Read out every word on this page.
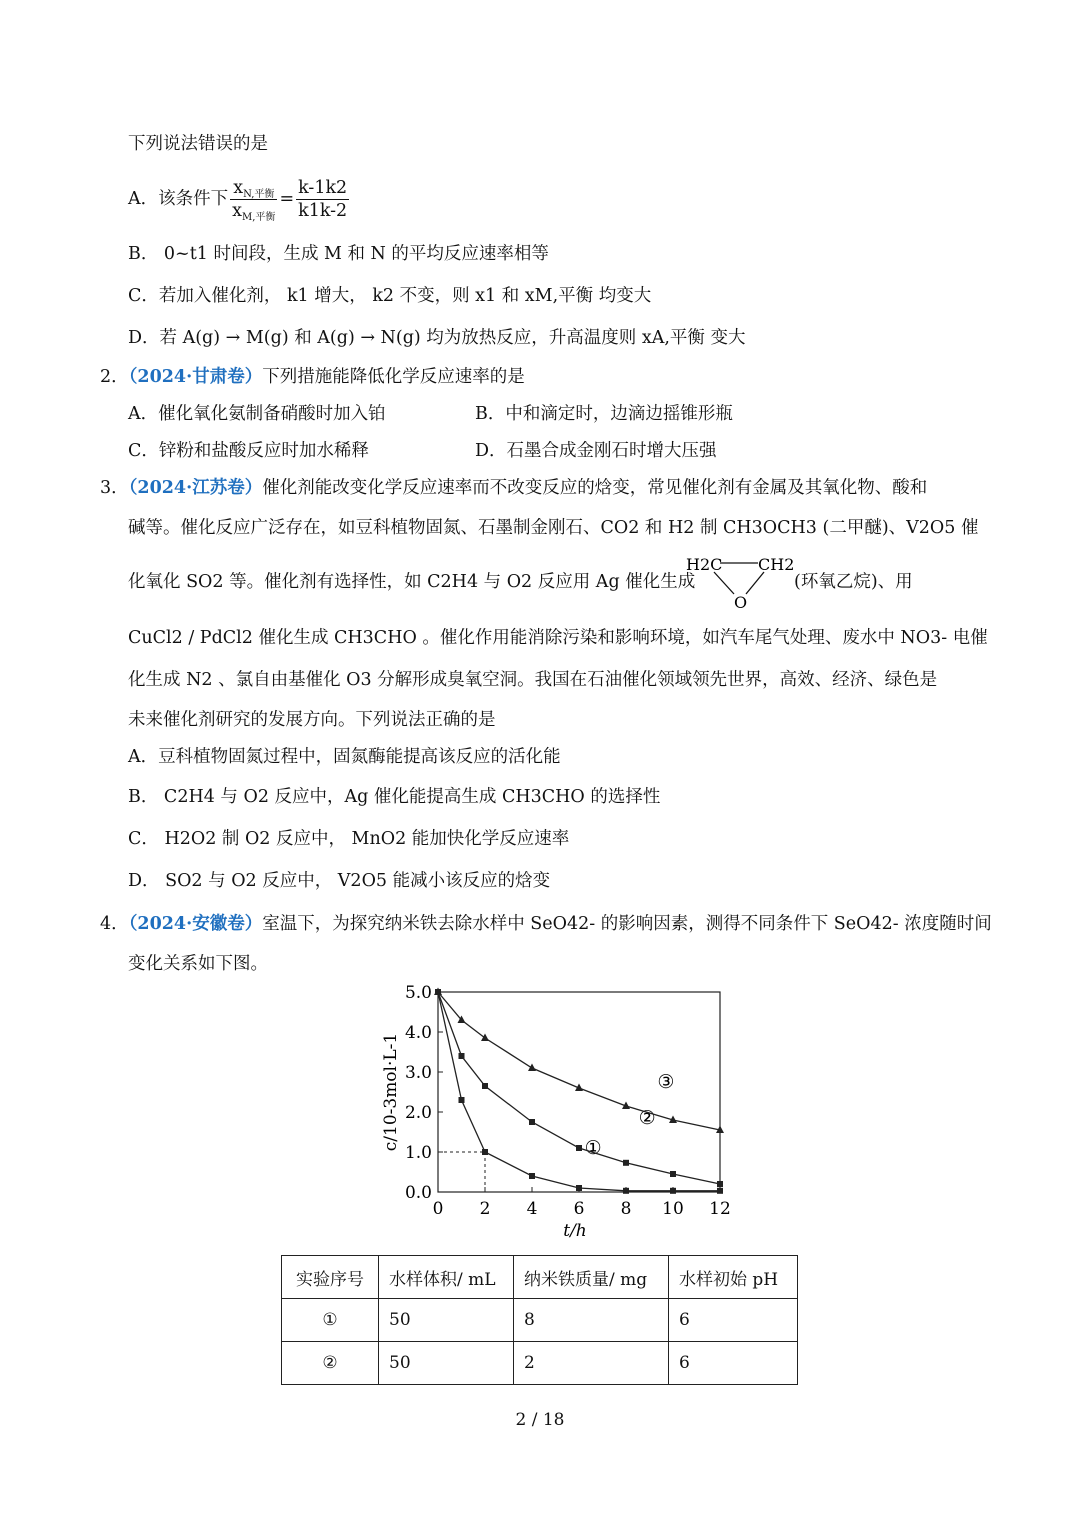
下列说法错误的是
A．该条件下 $\frac{x_{N,平衡}}{x_{M,平衡}} = \frac{k-1k2}{k1k-2}$
B． 0~t1 时间段，生成 M 和 N 的平均反应速率相等
C．若加入催化剂， k1 增大， k2 不变，则 x1 和 xM,平衡 均变大
D．若 A(g) → M(g) 和 A(g) → N(g) 均为放热反应，升高温度则 xA,平衡 变大
2．（2024·甘肃卷）下列措施能降低化学反应速率的是
A．催化氧化氨制备硝酸时加入铂	B．中和滴定时，边滴边摇锥形瓶
C．锌粉和盐酸反应时加水稀释	D．石墨合成金刚石时增大压强
3．（2024·江苏卷）催化剂能改变化学反应速率而不改变反应的焓变，常见催化剂有金属及其氧化物、酸和
碱等。催化反应广泛存在，如豆科植物固氮、石墨制金刚石、CO2 和 H2 制 CH3OCH3 (二甲醚)、V2O5 催
化氧化 SO2 等。催化剂有选择性，如 C2H4 与 O2 反应用 Ag 催化生成
H2C CH2
O
(环氧乙烷)、用
CuCl2 / PdCl2 催化生成 CH3CHO 。催化作用能消除污染和影响环境，如汽车尾气处理、废水中 NO3- 电催
化生成 N2 、氯自由基催化 O3 分解形成臭氧空洞。我国在石油催化领域领先世界，高效、经济、绿色是
未来催化剂研究的发展方向。下列说法正确的是
A．豆科植物固氮过程中，固氮酶能提高该反应的活化能
B． C2H4 与 O2 反应中，Ag 催化能提高生成 CH3CHO 的选择性
C． H2O2 制 O2 反应中， MnO2 能加快化学反应速率
D． SO2 与 O2 反应中， V2O5 能减小该反应的焓变
4．（2024·安徽卷）室温下，为探究纳米铁去除水样中 SeO42- 的影响因素，测得不同条件下 SeO42- 浓度随时间
变化关系如下图。
0 2 4 6 8 10 12
0.0
1.0
2.0
3.0
4.0
5.0
t/h
c/10-3mol·L-1	①
②
③
实验序号	水样体积/ mL	纳米铁质量/ mg	水样初始 pH
①	50	8	6
②	50	2	6
2 / 18
